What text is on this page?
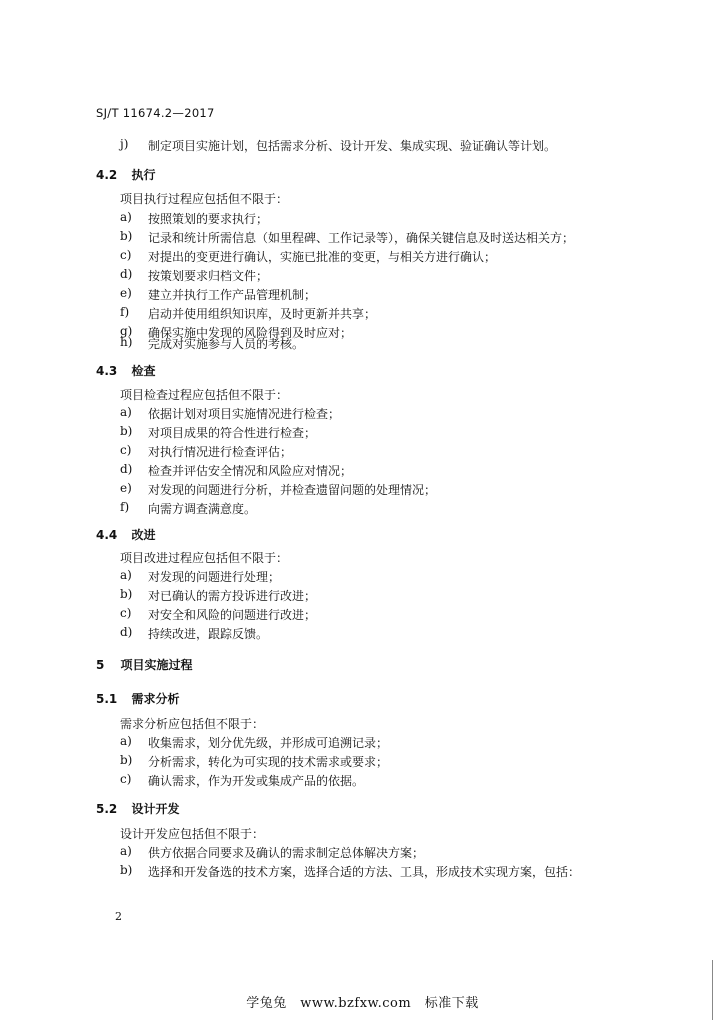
SJ/T 11674.2—2017
j) 制定项目实施计划，包括需求分析、设计开发、集成实现、验证确认等计划。
4.2 执行
项目执行过程应包括但不限于：
a) 按照策划的要求执行；
b) 记录和统计所需信息（如里程碑、工作记录等），确保关键信息及时送达相关方；
c) 对提出的变更进行确认，实施已批准的变更，与相关方进行确认；
d) 按策划要求归档文件；
e) 建立并执行工作产品管理机制；
f) 启动并使用组织知识库，及时更新并共享；
g) 确保实施中发现的风险得到及时应对；
h) 完成对实施参与人员的考核。
4.3 检查
项目检查过程应包括但不限于：
a) 依据计划对项目实施情况进行检查；
b) 对项目成果的符合性进行检查；
c) 对执行情况进行检查评估；
d) 检查并评估安全情况和风险应对情况；
e) 对发现的问题进行分析，并检查遗留问题的处理情况；
f) 向需方调查满意度。
4.4 改进
项目改进过程应包括但不限于：
a) 对发现的问题进行处理；
b) 对已确认的需方投诉进行改进；
c) 对安全和风险的问题进行改进；
d) 持续改进，跟踪反馈。
5 项目实施过程
5.1 需求分析
需求分析应包括但不限于：
a) 收集需求，划分优先级，并形成可追溯记录；
b) 分析需求，转化为可实现的技术需求或要求；
c) 确认需求，作为开发或集成产品的依据。
5.2 设计开发
设计开发应包括但不限于：
a) 供方依据合同要求及确认的需求制定总体解决方案；
b) 选择和开发备选的技术方案，选择合适的方法、工具，形成技术实现方案，包括：
2
学兔兔　www.bzfxw.com　标准下载
